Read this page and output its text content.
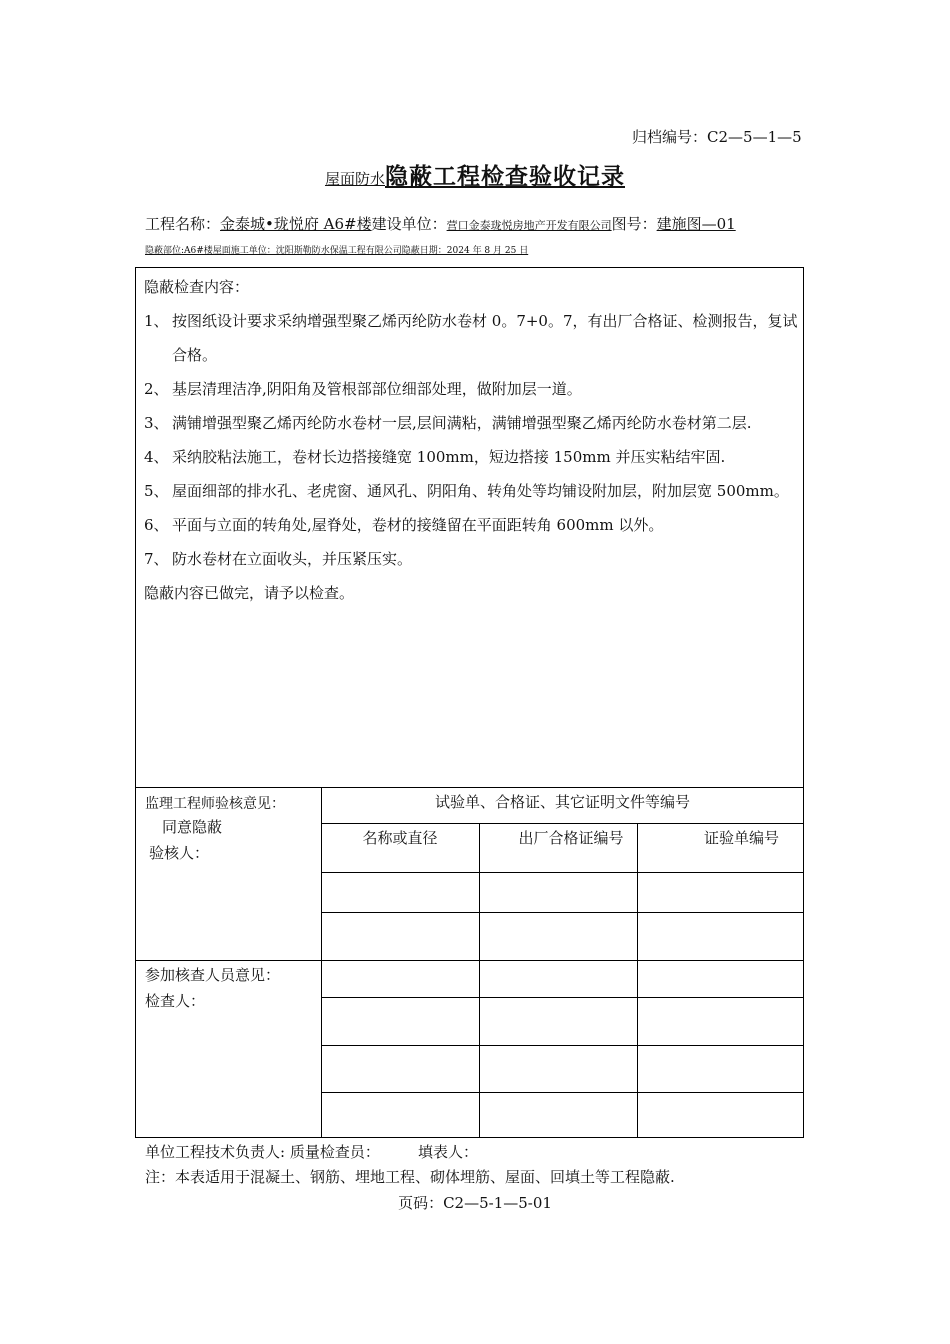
归档编号：C2—5—1—5
屋面防水隐蔽工程检查验收记录
工程名称：金泰城•珑悦府 A6#楼建设单位：营口金泰珑悦房地产开发有限公司图号：建施图—01
隐蔽部位:A6#楼屋面施工单位：沈阳斯勒防水保温工程有限公司隐蔽日期：2024 年 8 月 25 日
隐蔽检查内容：
1、 按图纸设计要求采纳增强型聚乙烯丙纶防水卷材 0。7+0。7，有出厂合格证、检测报告，复试合格。
2、 基层清理洁净,阴阳角及管根部部位细部处理，做附加层一道。
3、 满铺增强型聚乙烯丙纶防水卷材一层,层间满粘，满铺增强型聚乙烯丙纶防水卷材第二层.
4、 采纳胶粘法施工，卷材长边搭接缝宽 100mm，短边搭接 150mm 并压实粘结牢固.
5、 屋面细部的排水孔、老虎窗、通风孔、阴阳角、转角处等均铺设附加层，附加层宽 500mm。
6、 平面与立面的转角处,屋脊处，卷材的接缝留在平面距转角 600mm 以外。
7、 防水卷材在立面收头，并压紧压实。
隐蔽内容已做完，请予以检查。
监理工程师验核意见：
同意隐蔽
验核人：
试验单、合格证、其它证明文件等编号
名称或直径	出厂合格证编号	证验单编号
参加核查人员意见：
检查人：
单位工程技术负责人: 质量检查员：        填表人：
注：本表适用于混凝土、钢筋、埋地工程、砌体埋筋、屋面、回填土等工程隐蔽.
页码：C2—5-1—5-01
